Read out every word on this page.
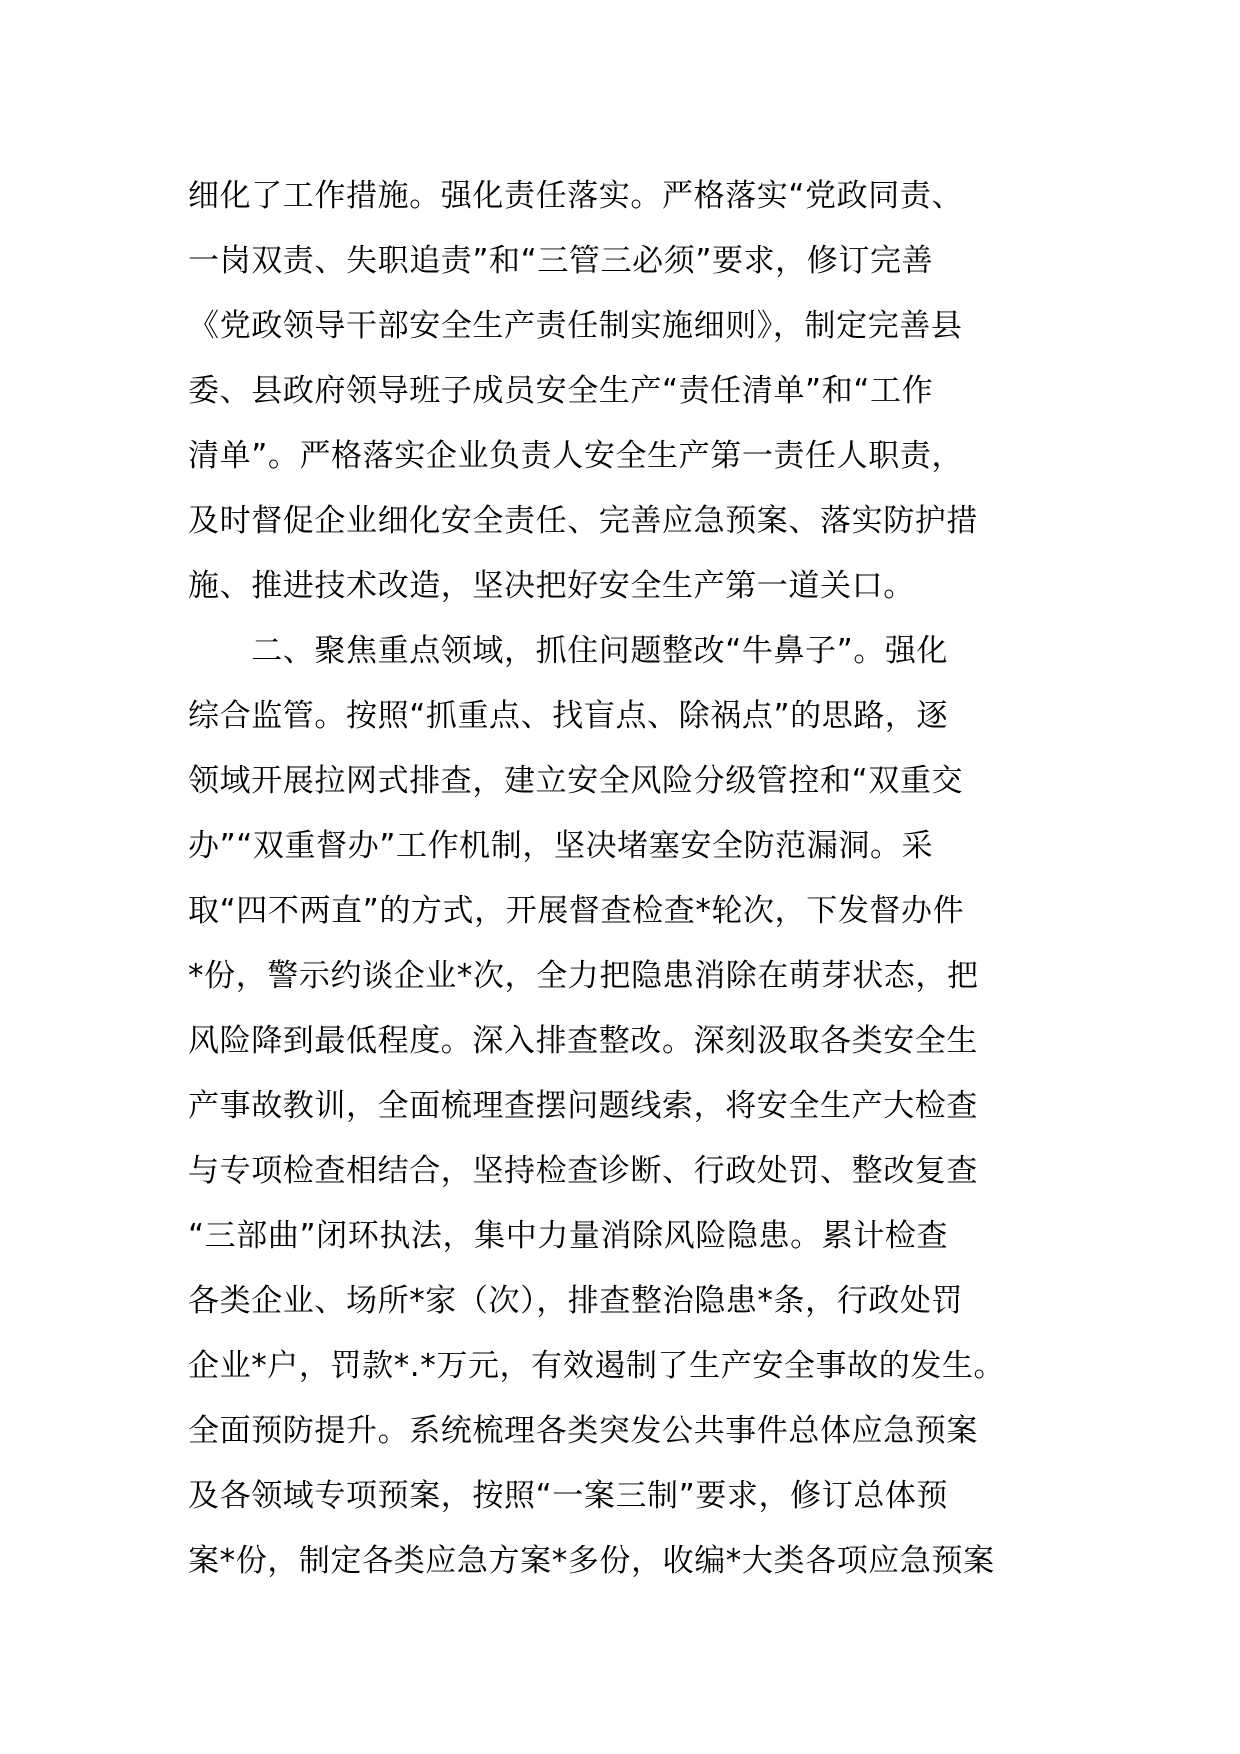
细化了工作措施。强化责任落实。严格落实“党政同责、
一岗双责、失职追责”和“三管三必须”要求，修订完善
《党政领导干部安全生产责任制实施细则》，制定完善县
委、县政府领导班子成员安全生产“责任清单”和“工作
清单”。严格落实企业负责人安全生产第一责任人职责，
及时督促企业细化安全责任、完善应急预案、落实防护措
施、推进技术改造，坚决把好安全生产第一道关口。
　　二、聚焦重点领域，抓住问题整改“牛鼻子”。强化
综合监管。按照“抓重点、找盲点、除祸点”的思路，逐
领域开展拉网式排查，建立安全风险分级管控和“双重交
办”“双重督办”工作机制，坚决堵塞安全防范漏洞。采
取“四不两直”的方式，开展督查检查*轮次，下发督办件
*份，警示约谈企业*次，全力把隐患消除在萌芽状态，把
风险降到最低程度。深入排查整改。深刻汲取各类安全生
产事故教训，全面梳理查摆问题线索，将安全生产大检查
与专项检查相结合，坚持检查诊断、行政处罚、整改复查
“三部曲”闭环执法，集中力量消除风险隐患。累计检查
各类企业、场所*家（次），排查整治隐患*条，行政处罚
企业*户，罚款*.*万元，有效遏制了生产安全事故的发生。
全面预防提升。系统梳理各类突发公共事件总体应急预案
及各领域专项预案，按照“一案三制”要求，修订总体预
案*份，制定各类应急方案*多份，收编*大类各项应急预案
